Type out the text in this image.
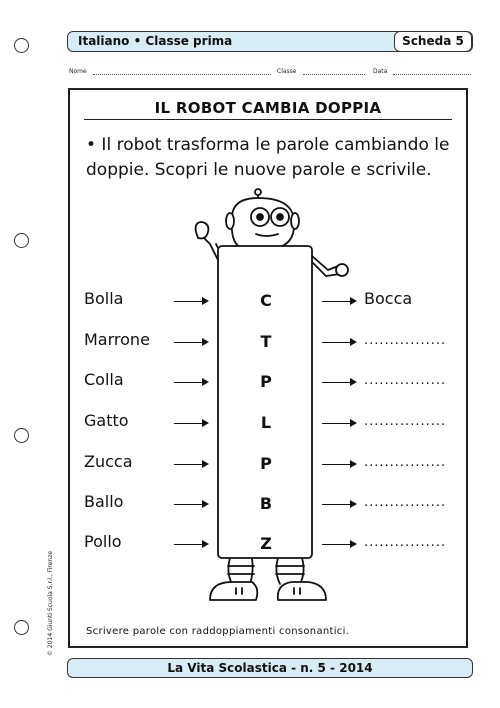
Italiano • Classe prima	Scheda 5
Nome	Classe	Data
IL ROBOT CAMBIA DOPPIA
• Il robot trasforma le parole cambiando le doppie. Scopri le nuove parole e scrivile.
Bolla	C	Bocca
Marrone	T	................
Colla	P	................
Gatto	L	................
Zucca	P	................
Ballo	B	................
Pollo	Z	................
Scrivere parole con raddoppiamenti consonantici.
© 2014 Giunti Scuola S.r.l., Firenze
La Vita Scolastica - n. 5 - 2014
